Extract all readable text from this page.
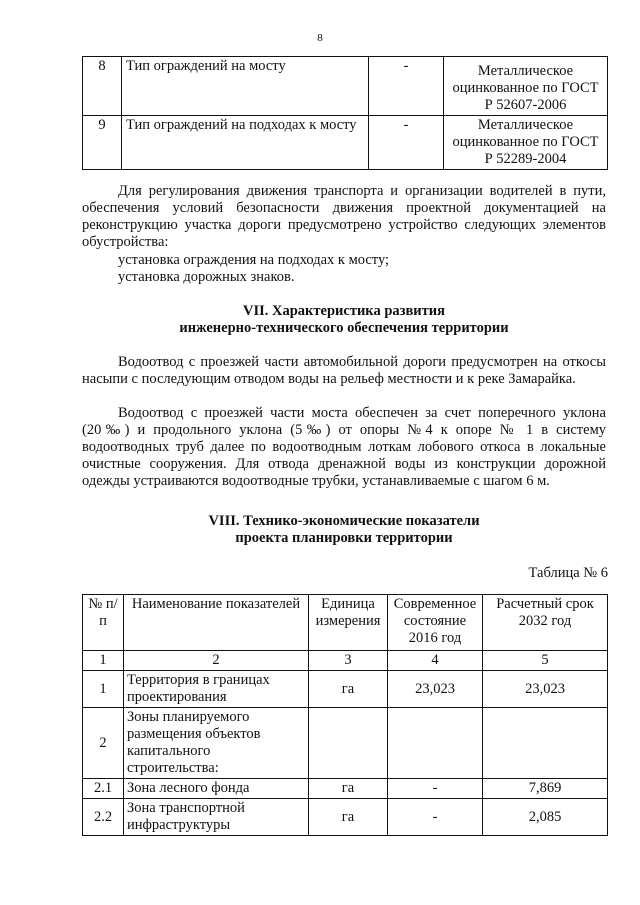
8
8	Тип ограждений на мосту	-	Металлическое оцинкованное по ГОСТ Р 52607-2006
9	Тип ограждений на подходах к мосту	-	Металлическое оцинкованное по ГОСТ Р 52289-2004
Для регулирования движения транспорта и организации водителей в пути, обеспечения условий безопасности движения проектной документацией на реконструкцию участка дороги предусмотрено устройство следующих элементов обустройства:
установка ограждения на подходах к мосту;
установка дорожных знаков.
VII. Характеристика развития
инженерно-технического обеспечения территории
Водоотвод с проезжей части автомобильной дороги предусмотрен на откосы насыпи с последующим отводом воды на рельеф местности и к реке Замарайка.
Водоотвод с проезжей части моста обеспечен за счет поперечного уклона (20‰) и продольного уклона (5‰) от опоры №4 к опоре № 1 в систему водоотводных труб далее по водоотводным лоткам лобового откоса в локальные очистные сооружения. Для отвода дренажной воды из конструкции дорожной одежды устраиваются водоотводные трубки, устанавливаемые с шагом 6 м.
VIII. Технико-экономические показатели
проекта планировки территории
Таблица № 6
№ п/п	Наименование показателей	Единица измерения	Современное состояние 2016 год	Расчетный срок 2032 год
1	2	3	4	5
1	Территория в границах проектирования	га	23,023	23,023
2	Зоны планируемого размещения объектов капитального строительства:			
2.1	Зона лесного фонда	га	-	7,869
2.2	Зона транспортной инфраструктуры	га	-	2,085
